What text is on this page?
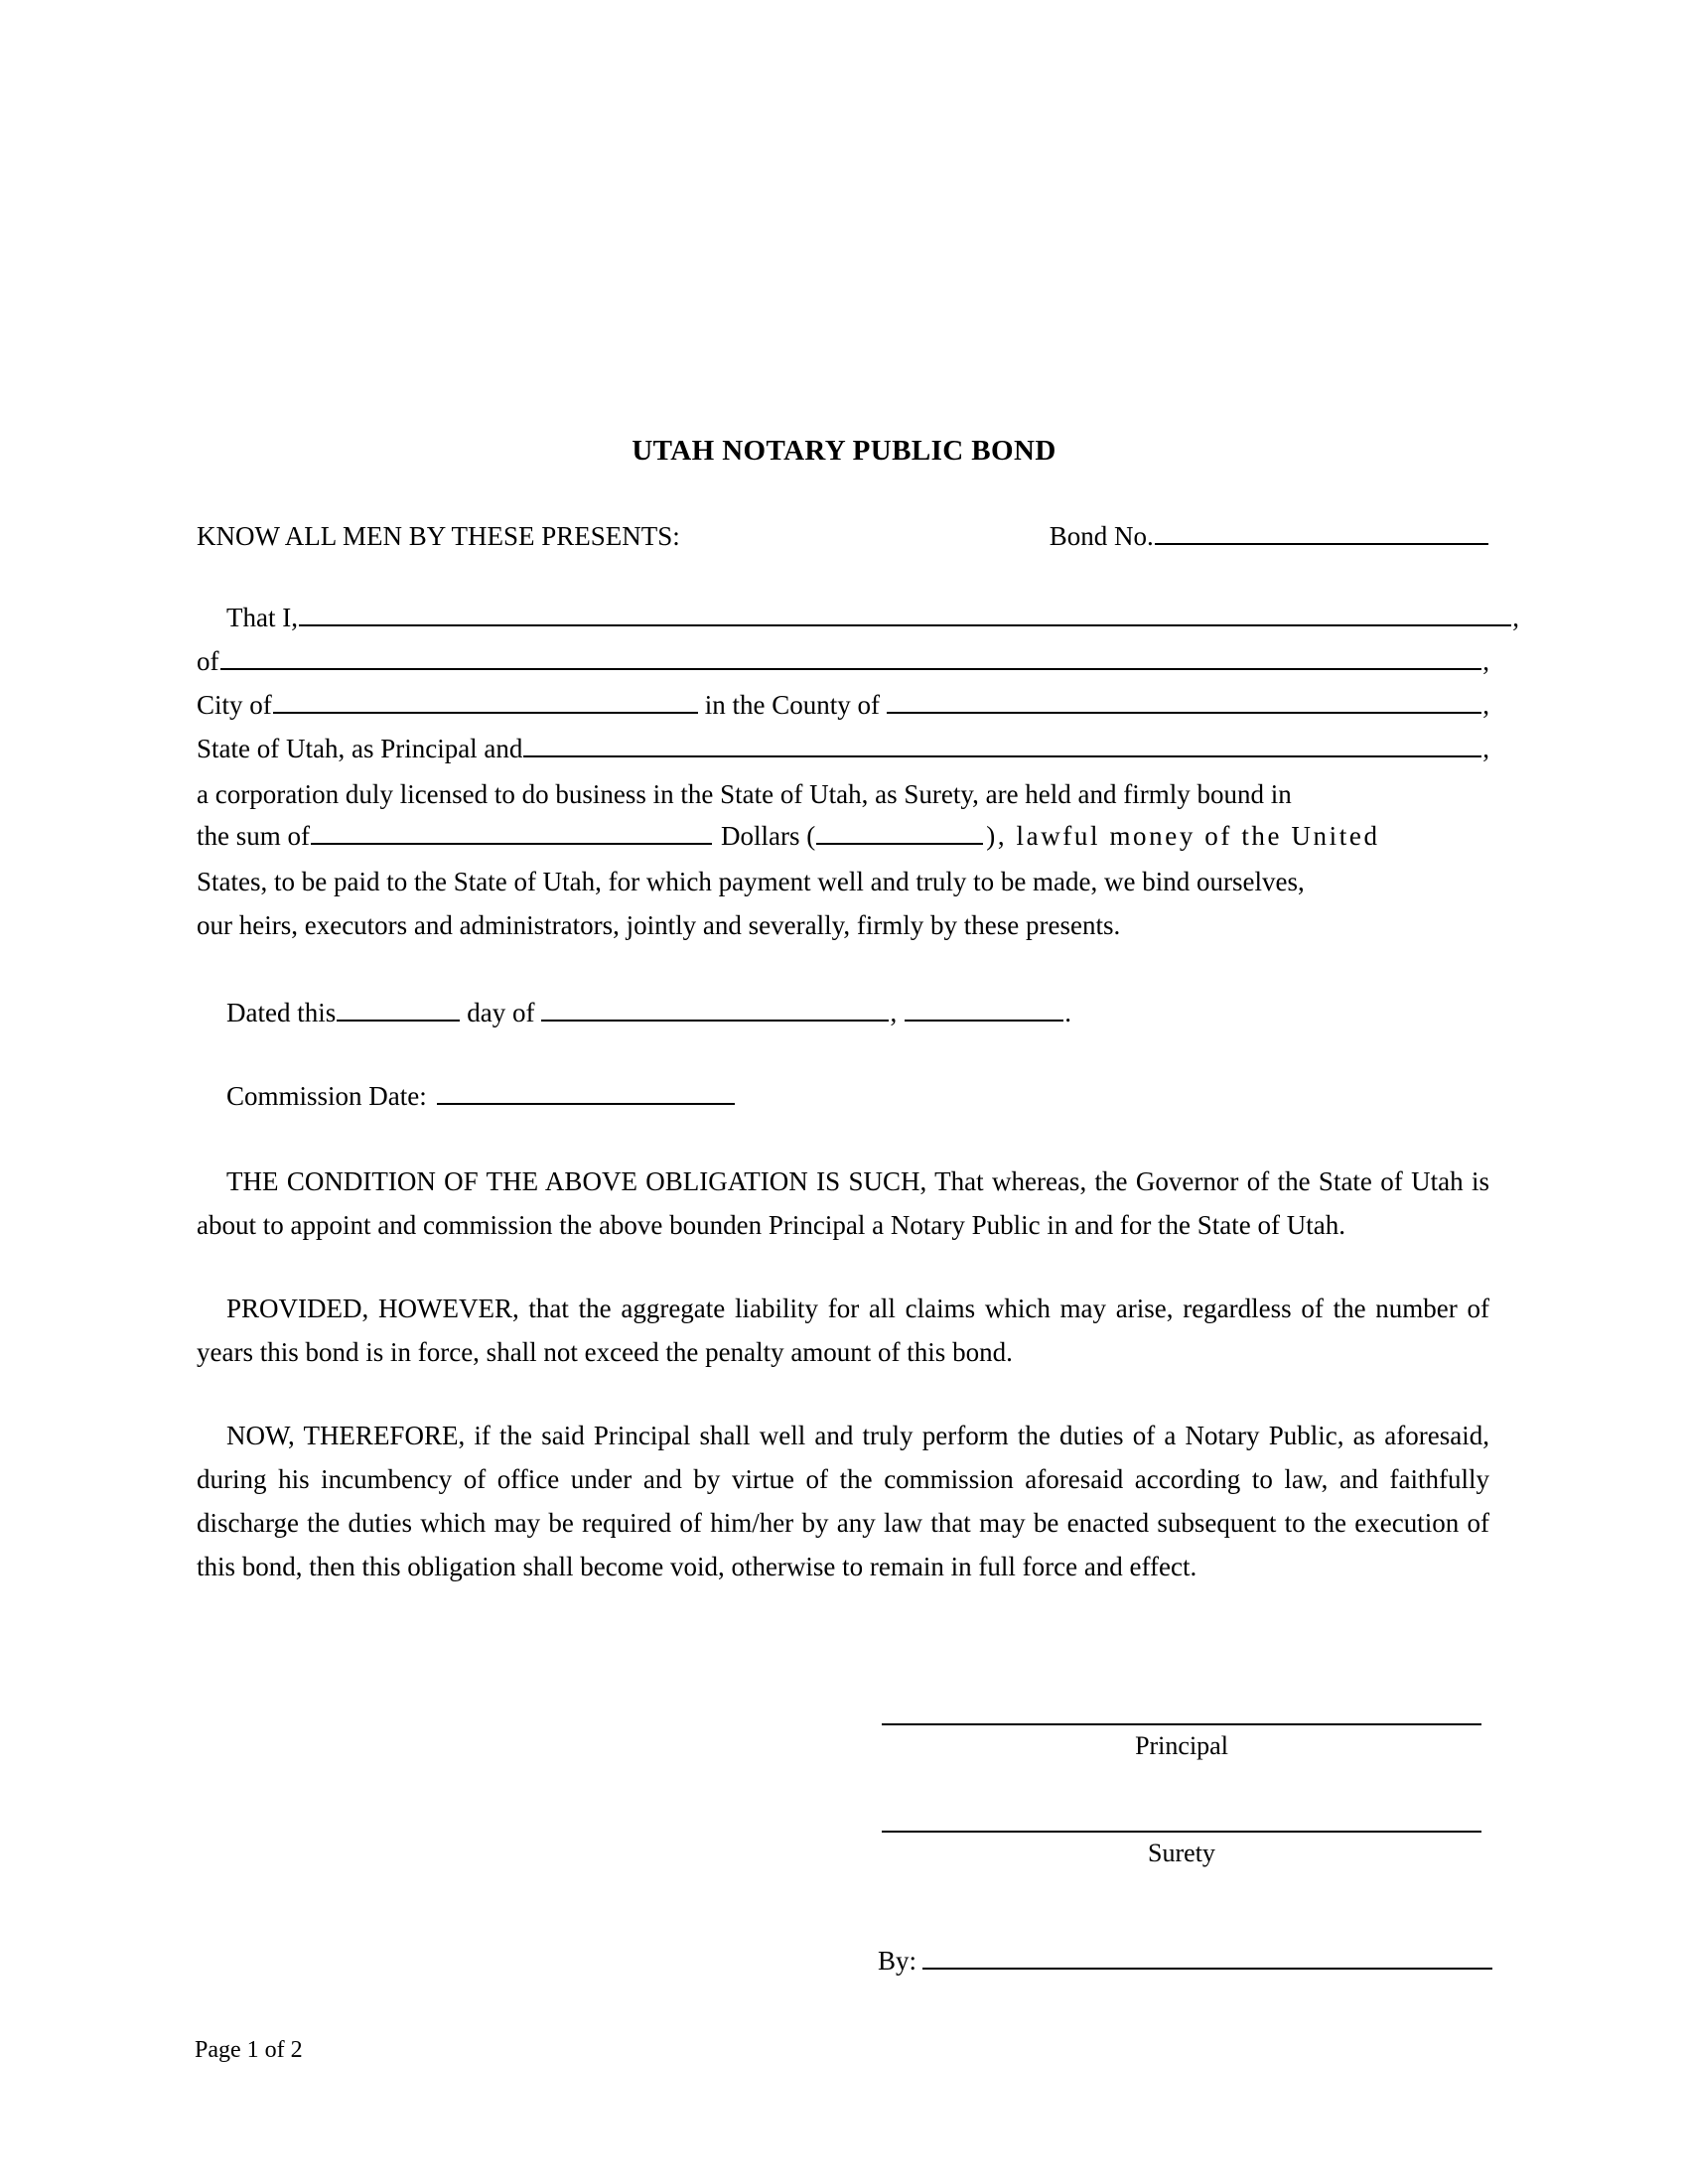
UTAH NOTARY PUBLIC BOND
KNOW ALL MEN BY THESE PRESENTS:	Bond No.
That I,	,
of	,
City of	in the County of	,
State of Utah, as Principal and	,
a corporation duly licensed to do business in the State of Utah, as Surety, are held and firmly bound in
the sum of	Dollars (	), lawful money of the United
States, to be paid to the State of Utah, for which payment well and truly to be made, we bind ourselves,
our heirs, executors and administrators, jointly and severally, firmly by these presents.
Dated this	day of	,	.
Commission Date:

THE CONDITION OF THE ABOVE OBLIGATION IS SUCH, That whereas, the Governor of the State of Utah is about to appoint and commission the above bounden Principal a Notary Public in and for the State of Utah.

PROVIDED, HOWEVER, that the aggregate liability for all claims which may arise, regardless of the number of years this bond is in force, shall not exceed the penalty amount of this bond.

NOW, THEREFORE, if the said Principal shall well and truly perform the duties of a Notary Public, as aforesaid, during his incumbency of office under and by virtue of the commission aforesaid according to law, and faithfully discharge the duties which may be required of him/her by any law that may be enacted subsequent to the execution of this bond, then this obligation shall become void, otherwise to remain in full force and effect.

Principal
Surety
By:
Page 1 of 2
